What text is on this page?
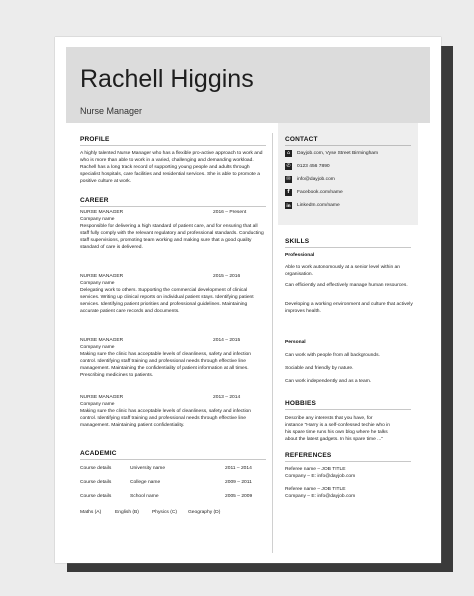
Rachell Higgins
Nurse Manager
PROFILE
A highly talented Nurse Manager who has a flexible pro-active approach to work and who is more than able to work in a varied, challenging and demanding workload. Rachell has a long track record of supporting young people and adults through specialist hospitals, care facilities and residential services. She is able to promote a positive culture at work.
CAREER
NURSE MANAGER	2016 – Present
Company name
Responsible for delivering a high standard of patient care, and for ensuring that all staff fully comply with the relevant regulatory and professional standards. Conducting staff supervisions, promoting team working and making sure that a good quality standard of care is delivered.
NURSE MANAGER	2015 – 2016
Company name
Delegating work to others. Supporting the commercial development of clinical services. Writing up clinical reports on individual patient stays. Identifying patient services. Identifying patient priorities and professional guidelines. Maintaining accurate patient care records and documents.
NURSE MANAGER	2014 – 2015
Company name
Making sure the clinic has acceptable levels of cleanliness, safety and infection control. Identifying staff training and professional needs through effective line management. Maintaining the confidentiality of patient information at all times. Prescribing medicines to patients.
NURSE MANAGER	2013 – 2014
Company name
Making sure the clinic has acceptable levels of cleanliness, safety and infection control. Identifying staff training and professional needs through effective line management. Maintaining patient confidentiality.
ACADEMIC
Course details	University name	2011 – 2014
Course details	College name	2009 – 2011
Course details	School name	2005 – 2009
Maths (A)	English (B)	Physics (C) Geography (D)
CONTACT
⌂	Dayjob.com, Vyse Street Birmingham
✆ 0123 456 7890
✉ info@dayjob.com
f	Facebook.com/name
in LinkedIn.com/name
SKILLS
Professional
Able to work autonomously at a senior level within an organisation.
Can efficiently and effectively manage human resources.
Developing a working environment and culture that actively improves health.
Personal
Can work with people from all backgrounds.
Sociable and friendly by nature.
Can work independently and as a team.
HOBBIES
Describe any interests that you have, for instance "Harry is a self-confessed techie who in his spare time runs his own blog where he talks about the latest gadgets. In his spare time ..."
REFERENCES
Referee name – JOB TITLE
Company – E: info@dayjob.com
Referee name – JOB TITLE
Company – E: info@dayjob.com
